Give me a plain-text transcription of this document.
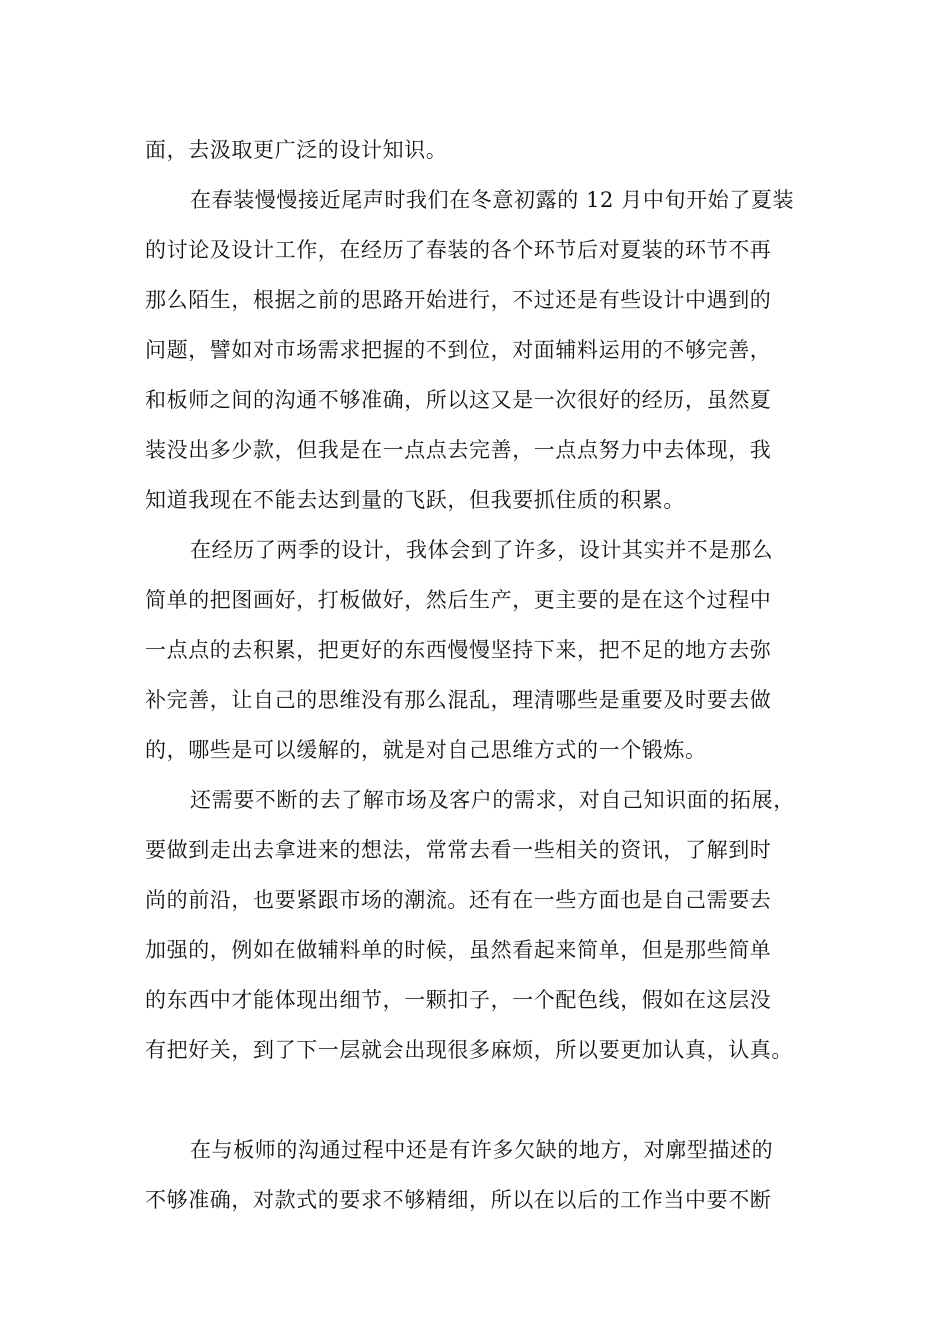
面，去汲取更广泛的设计知识。
在春装慢慢接近尾声时我们在冬意初露的 12 月中旬开始了夏装
的讨论及设计工作，在经历了春装的各个环节后对夏装的环节不再
那么陌生，根据之前的思路开始进行，不过还是有些设计中遇到的
问题，譬如对市场需求把握的不到位，对面辅料运用的不够完善，
和板师之间的沟通不够准确，所以这又是一次很好的经历，虽然夏
装没出多少款，但我是在一点点去完善，一点点努力中去体现，我
知道我现在不能去达到量的飞跃，但我要抓住质的积累。
在经历了两季的设计，我体会到了许多，设计其实并不是那么
简单的把图画好，打板做好，然后生产，更主要的是在这个过程中
一点点的去积累，把更好的东西慢慢坚持下来，把不足的地方去弥
补完善，让自己的思维没有那么混乱，理清哪些是重要及时要去做
的，哪些是可以缓解的，就是对自己思维方式的一个锻炼。
还需要不断的去了解市场及客户的需求，对自己知识面的拓展，
要做到走出去拿进来的想法，常常去看一些相关的资讯，了解到时
尚的前沿，也要紧跟市场的潮流。还有在一些方面也是自己需要去
加强的，例如在做辅料单的时候，虽然看起来简单，但是那些简单
的东西中才能体现出细节，一颗扣子，一个配色线，假如在这层没
有把好关，到了下一层就会出现很多麻烦，所以要更加认真，认真。
在与板师的沟通过程中还是有许多欠缺的地方，对廓型描述的
不够准确，对款式的要求不够精细，所以在以后的工作当中要不断
